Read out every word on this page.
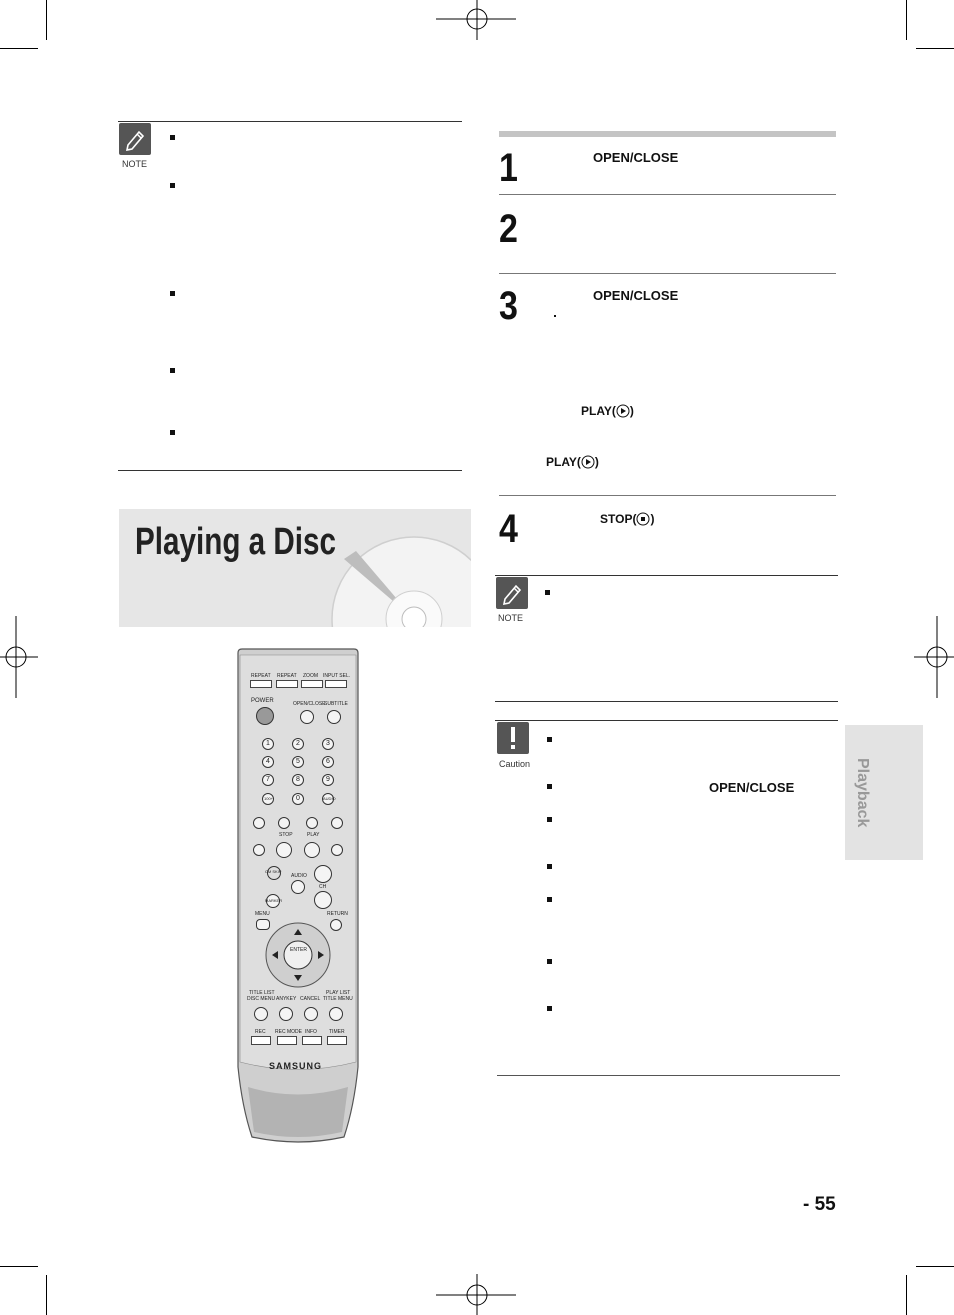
NOTE
Playing a Disc
REPEAT REPEAT ZOOM INPUT SEL.
POWER	OPEN/CLOSE
SUBTITLE
1	2	3
4	5	6
7	8	9
100+	0	AUDIO
STOP	PLAY
CM SKIP
AUDIO
CH
MARKER
MENU	RETURN
ENTER
TITLE LIST
DISC MENU ANYKEY CANCEL
PLAY LIST
TITLE MENU
REC REC MODE INFO TIMER
SAMSUNG
1	OPEN/CLOSE
2
3	OPEN/CLOSE
PLAY( )
PLAY( )
4	STOP( )
NOTE
Caution
OPEN/CLOSE	Playback
- 55
